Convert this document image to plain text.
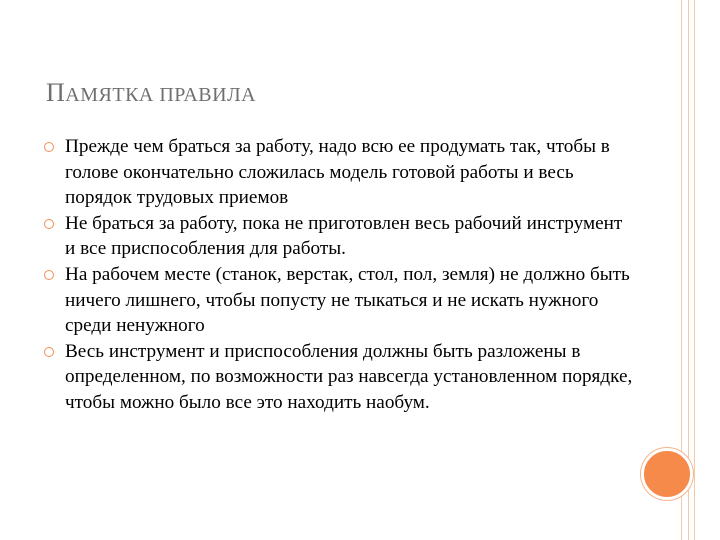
ПАМЯТКА ПРАВИЛА
Прежде чем браться за работу, надо всю ее продумать так, чтобы в голове окончательно сложилась модель готовой работы и весь порядок трудовых приемов
Не браться за работу, пока не приготовлен весь рабочий инструмент и все приспособления для работы.
На рабочем месте (станок, верстак, стол, пол, земля) не должно быть ничего лишнего, чтобы попусту не тыкаться и не искать нужного среди ненужного
Весь инструмент и приспособления должны быть разложены в определенном, по возможности раз навсегда установленном порядке, чтобы можно было все это находить наобум.
